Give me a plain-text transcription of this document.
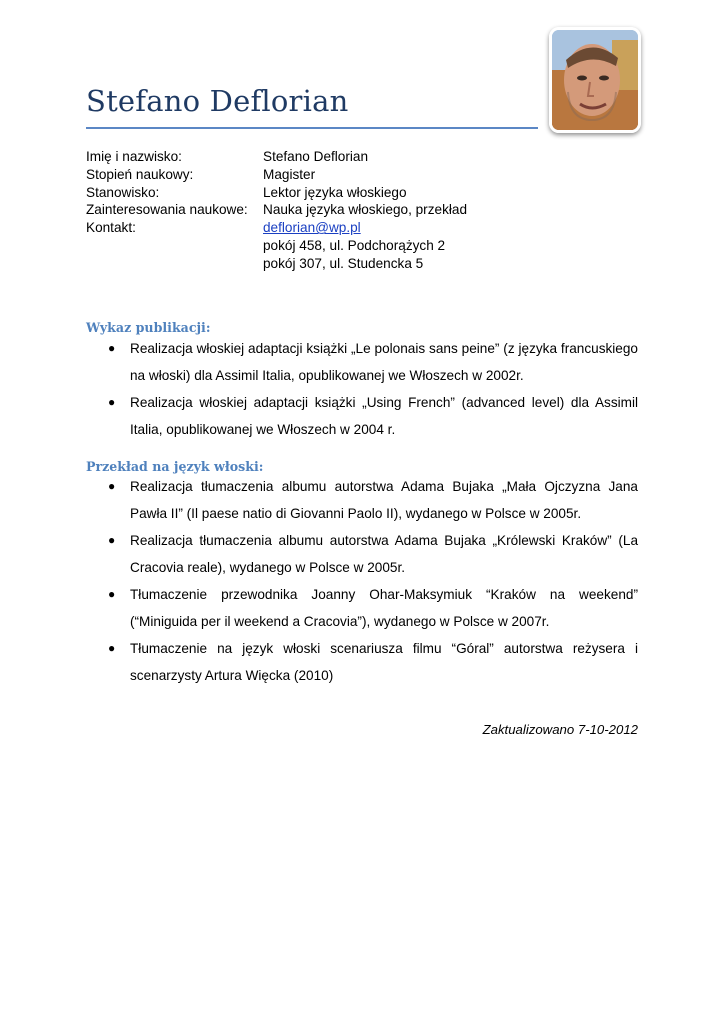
Stefano Deflorian
Imię i nazwisko:	Stefano Deflorian
Stopień naukowy:	Magister
Stanowisko:	Lektor języka włoskiego
Zainteresowania naukowe:	Nauka języka włoskiego, przekład
Kontakt:	deflorian@wp.pl
pokój 458, ul. Podchorążych 2
pokój 307, ul. Studencka 5
Wykaz publikacji:
● Realizacja włoskiej adaptacji książki „Le polonais sans peine” (z języka francuskiego na włoski) dla Assimil Italia, opublikowanej we Włoszech w 2002r.
● Realizacja włoskiej adaptacji książki „Using French” (advanced level) dla Assimil Italia, opublikowanej we Włoszech w 2004 r.
Przekład na język włoski:
● Realizacja tłumaczenia albumu autorstwa Adama Bujaka „Mała Ojczyzna Jana Pawła II” (Il paese natio di Giovanni Paolo II), wydanego w Polsce w 2005r.
● Realizacja tłumaczenia albumu autorstwa Adama Bujaka „Królewski Kraków” (La Cracovia reale), wydanego w Polsce w 2005r.
● Tłumaczenie przewodnika Joanny Ohar-Maksymiuk “Kraków na weekend” (“Miniguida per il weekend a Cracovia”), wydanego w Polsce w 2007r.
● Tłumaczenie na język włoski scenariusza filmu “Góral” autorstwa reżysera i scenarzysty Artura Więcka (2010)
Zaktualizowano 7-10-2012
